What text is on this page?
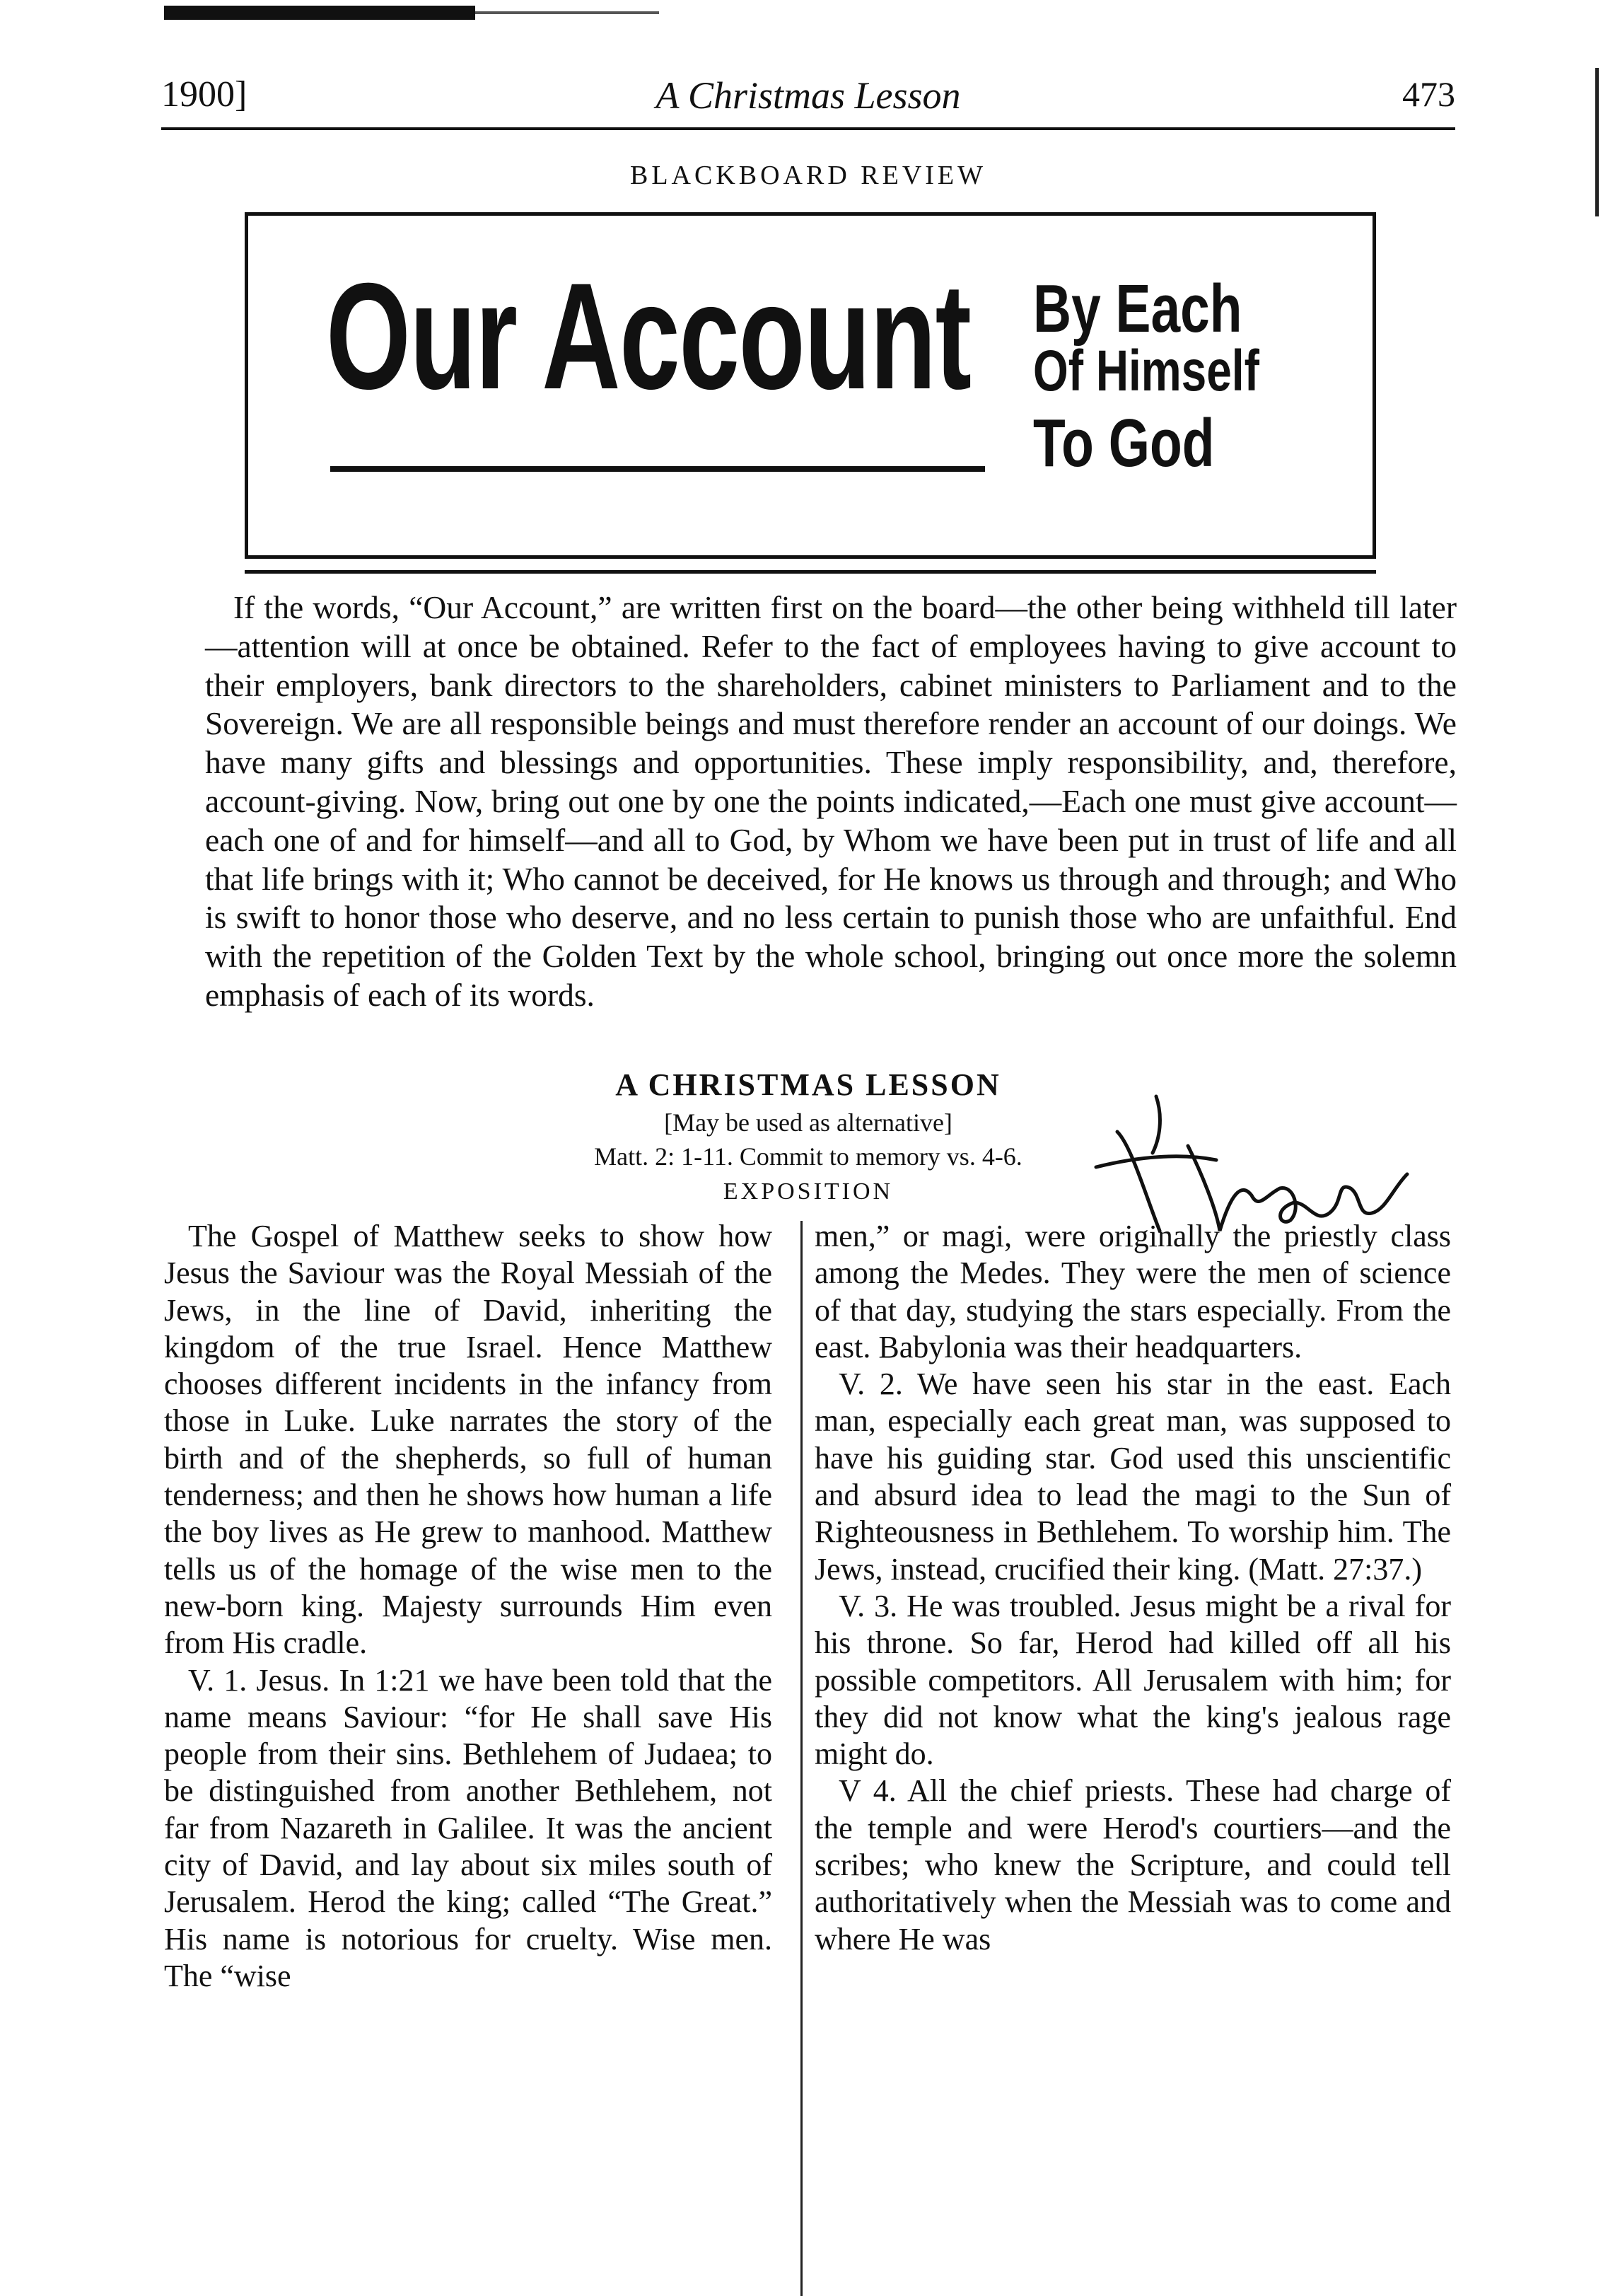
1900]	A Christmas Lesson	473
BLACKBOARD REVIEW
Our Account By Each
Of Himself
To God

If the words, “Our Account,” are written first on the board—the other being withheld till later—attention will at once be obtained. Refer to the fact of employees having to give account to their employers, bank directors to the shareholders, cabinet ministers to Parliament and to the Sovereign. We are all responsible beings and must therefore render an account of our doings. We have many gifts and blessings and opportunities. These imply responsibility, and, therefore, account-giving. Now, bring out one by one the points indicated,—Each one must give account—each one of and for himself—and all to God, by Whom we have been put in trust of life and all that life brings with it; Who cannot be deceived, for He knows us through and through; and Who is swift to honor those who deserve, and no less certain to punish those who are unfaithful. End with the repetition of the Golden Text by the whole school, bringing out once more the solemn emphasis of each of its words.

A CHRISTMAS LESSON
[May be used as alternative]
Matt. 2: 1-11. Commit to memory vs. 4-6.
EXPOSITION

The Gospel of Matthew seeks to show how Jesus the Saviour was the Royal Messiah of the Jews, in the line of David, inheriting the kingdom of the true Israel. Hence Matthew chooses different incidents in the infancy from those in Luke. Luke narrates the story of the birth and of the shepherds, so full of human tenderness; and then he shows how human a life the boy lives as He grew to manhood. Matthew tells us of the homage of the wise men to the new-born king. Majesty surrounds Him even from His cradle.

V. 1. Jesus. In 1:21 we have been told that the name means Saviour: “for He shall save His people from their sins. Bethlehem of Judaea; to be distinguished from another Bethlehem, not far from Nazareth in Galilee. It was the ancient city of David, and lay about six miles south of Jerusalem. Herod the king; called “The Great.” His name is notorious for cruelty. Wise men. The “wise

men,” or magi, were originally the priestly class among the Medes. They were the men of science of that day, studying the stars especially. From the east. Babylonia was their headquarters.

V. 2. We have seen his star in the east. Each man, especially each great man, was supposed to have his guiding star. God used this unscientific and absurd idea to lead the magi to the Sun of Righteousness in Bethlehem. To worship him. The Jews, instead, crucified their king. (Matt. 27:37.)

V. 3. He was troubled. Jesus might be a rival for his throne. So far, Herod had killed off all his possible competitors. All Jerusalem with him; for they did not know what the king's jealous rage might do.

V 4. All the chief priests. These had charge of the temple and were Herod's courtiers—and the scribes; who knew the Scripture, and could tell authoritatively when the Messiah was to come and where He was
